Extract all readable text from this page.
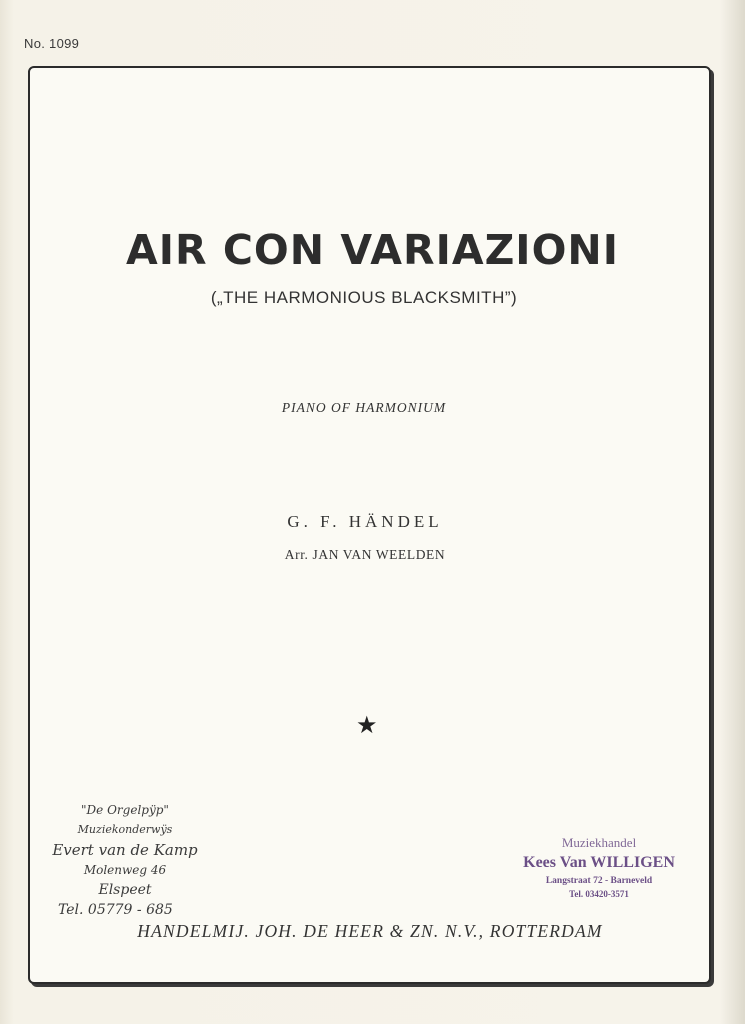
No. 1099
AIR CON VARIAZIONI
(„THE HARMONIOUS BLACKSMITH”)
PIANO OF HARMONIUM
G. F. HÄNDEL
Arr. JAN VAN WEELDEN
★
"De Orgelpÿp"
Muziekonderwÿs
Evert van de Kamp
Molenweg 46
Elspeet
Tel. 05779 - 685
Muziekhandel
Kees Van WILLIGEN
Langstraat 72 - Barneveld
Tel. 03420-3571
HANDELMIJ. JOH. DE HEER & ZN. N.V., ROTTERDAM
